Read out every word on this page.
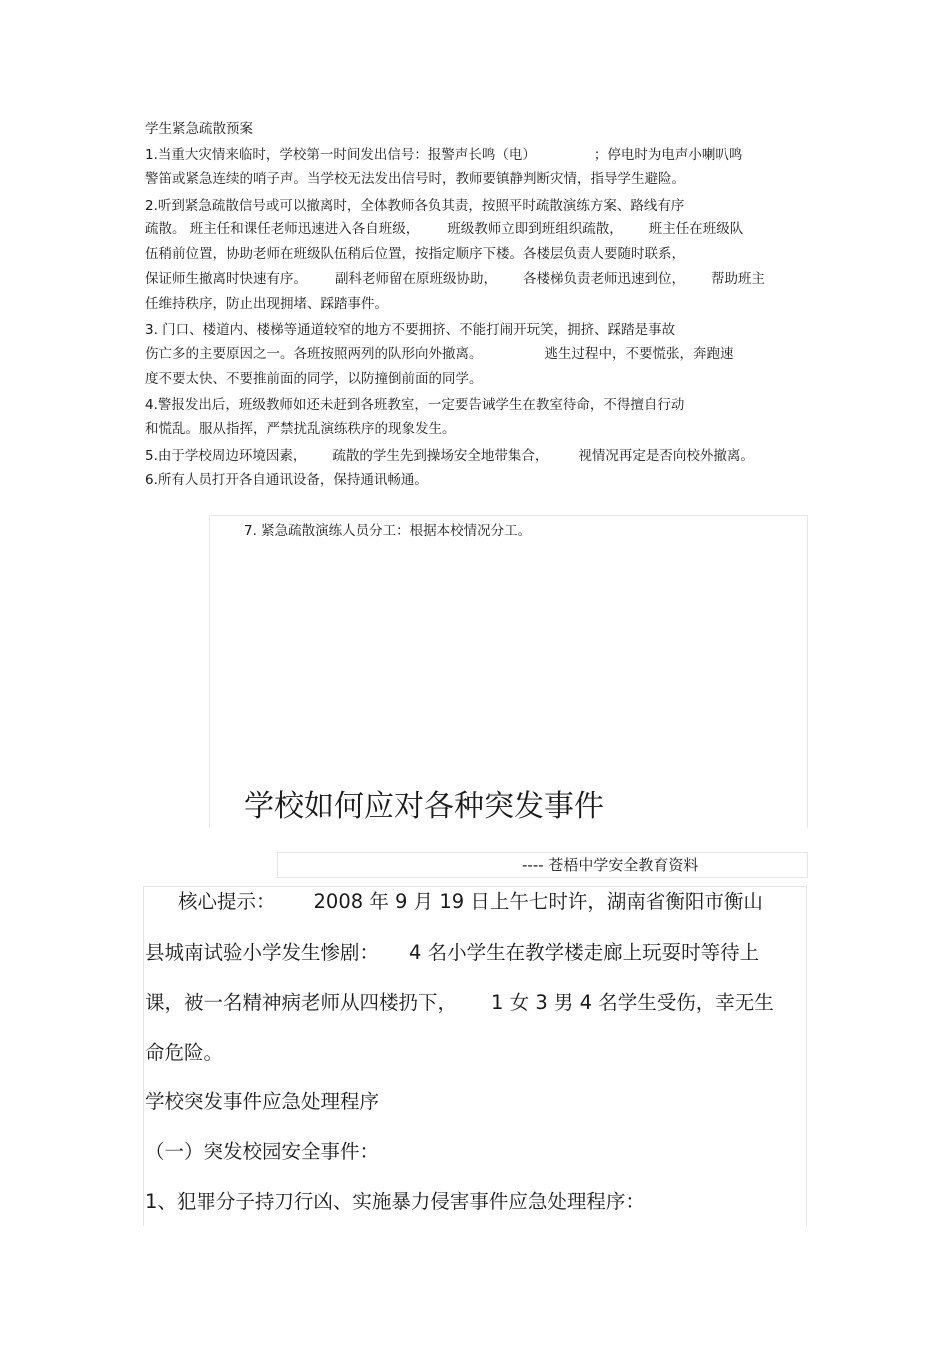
学生紧急疏散预案

1.当重大灾情来临时，学校第一时间发出信号：报警声长鸣（电）	；停电时为电声小喇叭鸣

警笛或紧急连续的哨子声。当学校无法发出信号时，教师要镇静判断灾情，指导学生避险。

2.听到紧急疏散信号或可以撤离时，全体教师各负其责，按照平时疏散演练方案、路线有序

疏散。 班主任和课任老师迅速进入各自班级， 班级教师立即到班组织疏散， 班主任在班级队

伍稍前位置，协助老师在班级队伍稍后位置，按指定顺序下楼。各楼层负责人要随时联系，

保证师生撤离时快速有序。 副科老师留在原班级协助， 各楼梯负责老师迅速到位， 帮助班主

任维持秩序，防止出现拥堵、踩踏事件。

3. 门口、楼道内、楼梯等通道较窄的地方不要拥挤、不能打闹开玩笑，拥挤、踩踏是事故

伤亡多的主要原因之一。各班按照两列的队形向外撤离。	逃生过程中，不要慌张，奔跑速

度不要太快、不要推前面的同学，以防撞倒前面的同学。

4.警报发出后，班级教师如还未赶到各班教室，一定要告诫学生在教室待命，不得擅自行动

和慌乱。服从指挥，严禁扰乱演练秩序的现象发生。

5.由于学校周边环境因素， 疏散的学生先到操场安全地带集合， 视情况再定是否向校外撤离。

6.所有人员打开各自通讯设备，保持通讯畅通。

7. 紧急疏散演练人员分工：根据本校情况分工。

学校如何应对各种突发事件

---- 苍梧中学安全教育资料

核心提示： 2008 年 9 月 19 日上午七时许，湖南省衡阳市衡山

县城南试验小学发生惨剧： 4 名小学生在教学楼走廊上玩耍时等待上

课，被一名精神病老师从四楼扔下， 1 女 3 男 4 名学生受伤，幸无生

命危险。

学校突发事件应急处理程序

（一）突发校园安全事件：

1、犯罪分子持刀行凶、实施暴力侵害事件应急处理程序：
